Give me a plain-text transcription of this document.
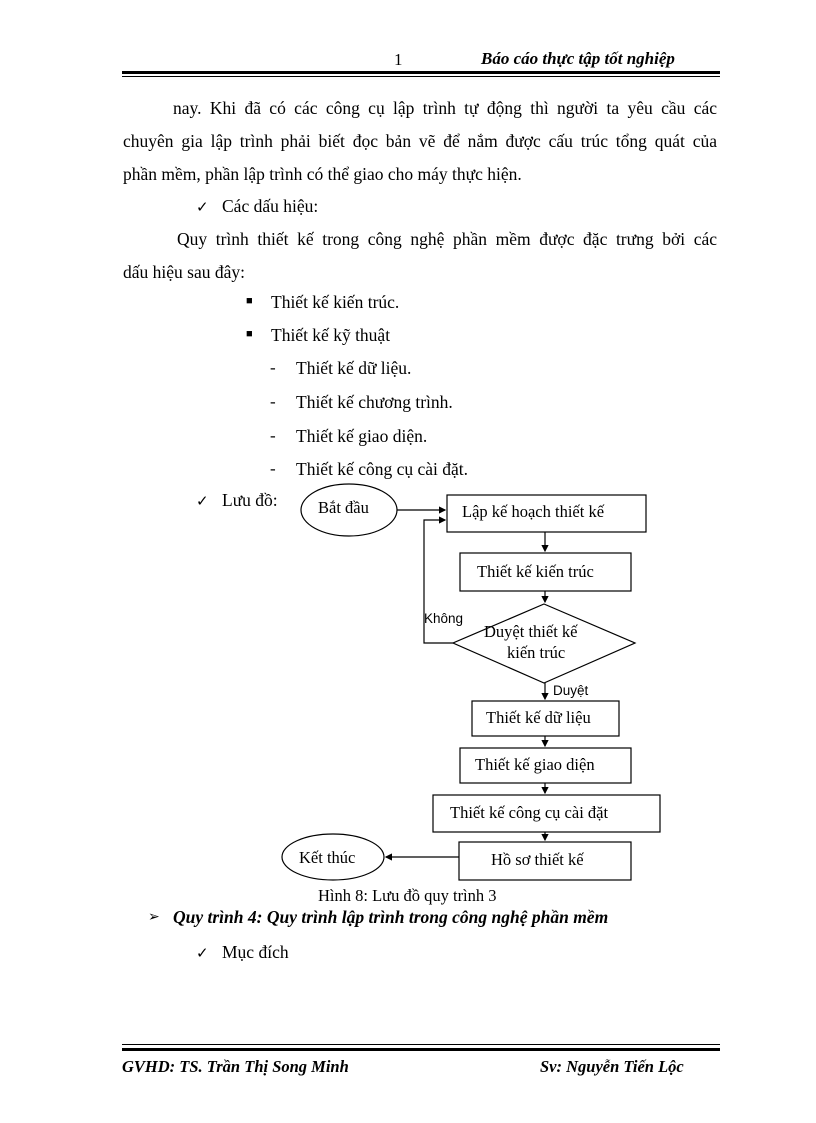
1	Báo cáo thực tập tốt nghiệp
nay. Khi đã có các công cụ lập trình tự động thì người ta yêu cầu các
chuyên gia lập trình phải biết đọc bản vẽ để nắm được cấu trúc tổng quát của
phần mềm, phần lập trình có thể giao cho máy thực hiện.
✓ Các dấu hiệu:
Quy trình thiết kế trong công nghệ phần mềm được đặc trưng bởi các
dấu hiệu sau đây:
■ Thiết kế kiến trúc.
■ Thiết kế kỹ thuật
- Thiết kế dữ liệu.
- Thiết kế chương trình.
- Thiết kế giao diện.
- Thiết kế công cụ cài đặt.
✓ Lưu đồ: Bắt đầu	Lập kế hoạch thiết kế
Thiết kế kiến trúc
Duyệt thiết kế
kiến trúc
Không
Duyệt
Thiết kế dữ liệu
Thiết kế giao diện
Thiết kế công cụ cài đặt
Hồ sơ thiết kế
Kết thúc
Hình 8: Lưu đồ quy trình 3
➢ Quy trình 4: Quy trình lập trình trong công nghệ phần mềm
✓ Mục đích
GVHD: TS. Trần Thị Song Minh	Sv: Nguyễn Tiến Lộc
